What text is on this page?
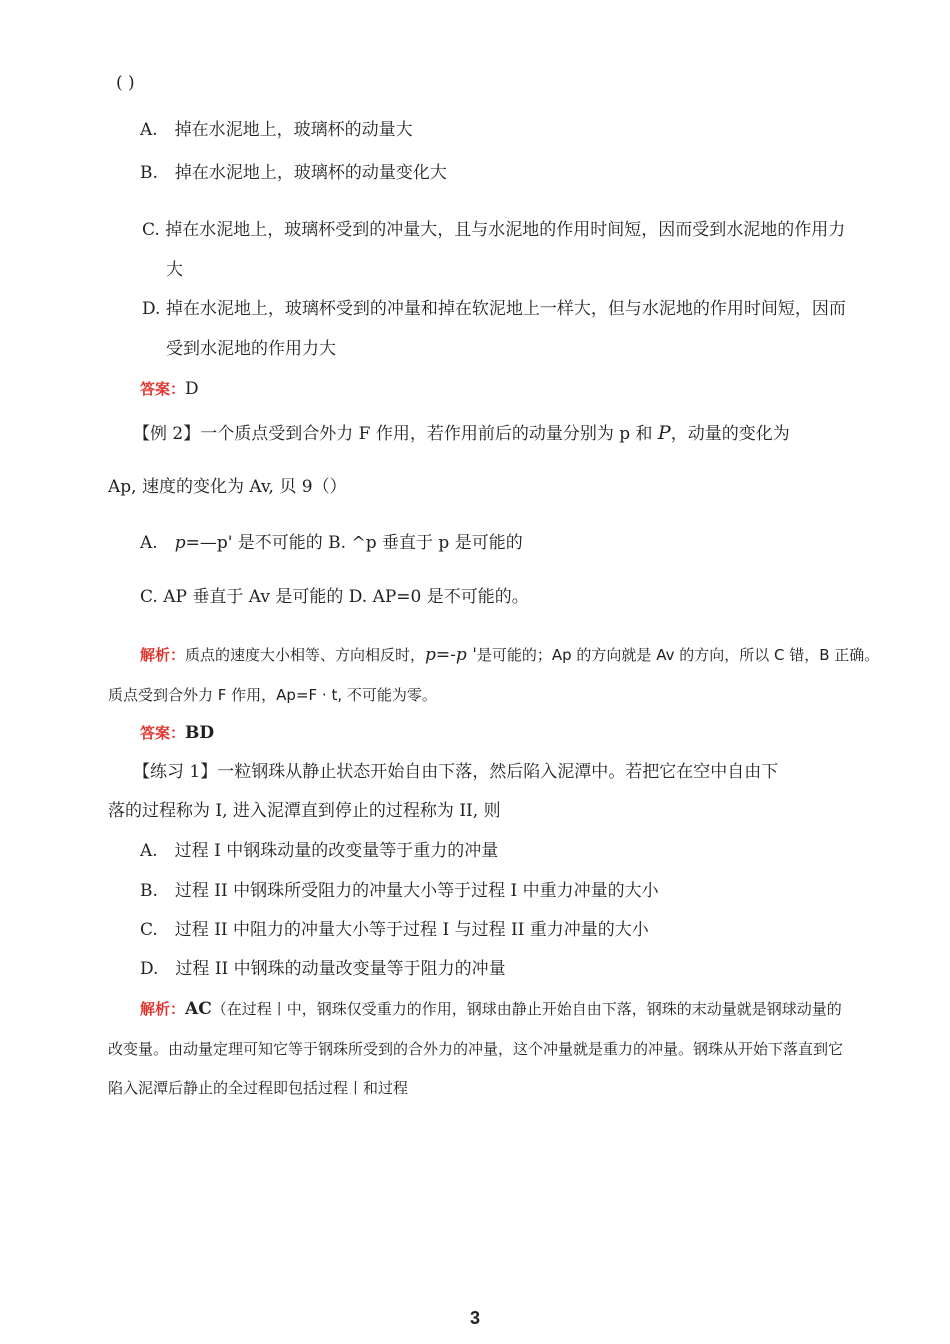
( )
A.　掉在水泥地上，玻璃杯的动量大
B.　掉在水泥地上，玻璃杯的动量变化大
C. 掉在水泥地上，玻璃杯受到的冲量大，且与水泥地的作用时间短，因而受到水泥地的作用力
大
D. 掉在水泥地上，玻璃杯受到的冲量和掉在软泥地上一样大，但与水泥地的作用时间短，因而
受到水泥地的作用力大
答案：D
【例 2】一个质点受到合外力 F 作用，若作用前后的动量分别为 p 和 P，动量的变化为
Ap, 速度的变化为 Av, 贝 9（）
A.　p=—p' 是不可能的 B. ^p 垂直于 p 是可能的
C. AP 垂直于 Av 是可能的 D. AP=0 是不可能的。
解析：质点的速度大小相等、方向相反时，p=-p '是可能的；Ap 的方向就是 Av 的方向，所以 C 错，B 正确。
质点受到合外力 F 作用，Ap=F · t, 不可能为零。
答案：BD
【练习 1】一粒钢珠从静止状态开始自由下落，然后陷入泥潭中。若把它在空中自由下
落的过程称为 I, 进入泥潭直到停止的过程称为 II, 则
A.　过程 I 中钢珠动量的改变量等于重力的冲量
B.　过程 II 中钢珠所受阻力的冲量大小等于过程 I 中重力冲量的大小
C.　过程 II 中阻力的冲量大小等于过程 I 与过程 II 重力冲量的大小
D.　过程 II 中钢珠的动量改变量等于阻力的冲量
解析：AC（在过程丨中，钢珠仅受重力的作用，钢球由静止开始自由下落，钢珠的末动量就是钢球动量的
改变量。由动量定理可知它等于钢珠所受到的合外力的冲量，这个冲量就是重力的冲量。钢珠从开始下落直到它
陷入泥潭后静止的全过程即包括过程丨和过程
3
